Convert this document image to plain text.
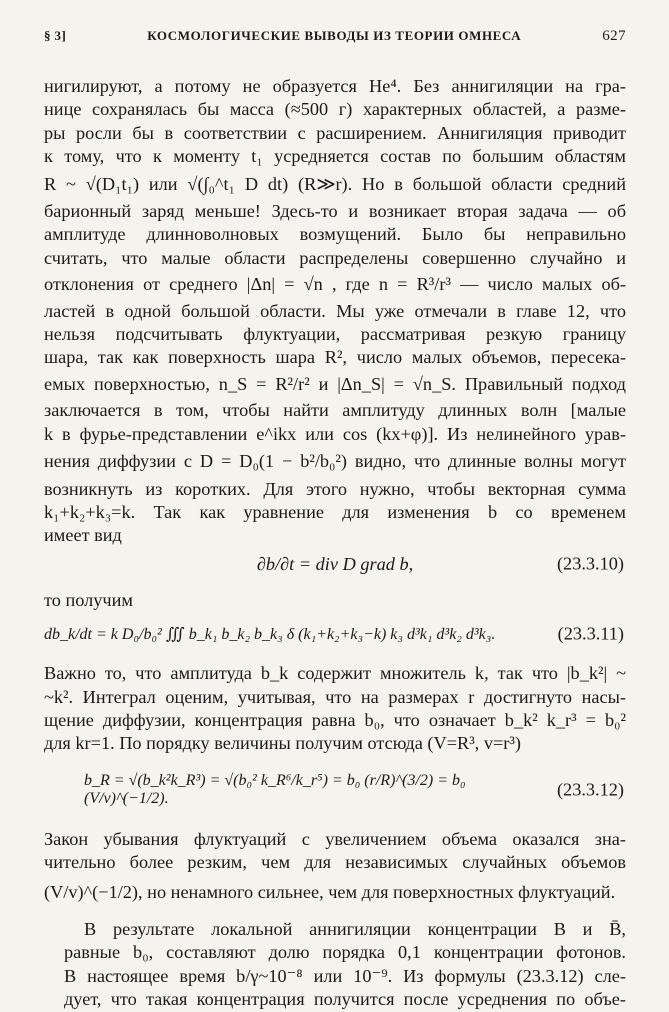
§ 3]	КОСМОЛОГИЧЕСКИЕ ВЫВОДЫ ИЗ ТЕОРИИ ОМНЕСА	627
нигилируют, а потому не образуется He⁴. Без аннигиляции на гра-
нице сохранялась бы масса (≈500 г) характерных областей, а разме-
ры росли бы в соответствии с расширением. Аннигиляция приводит
к тому, что к моменту t₁ усредняется состав по большим областям
R ~ √(D₁t₁) или √(∫₀^t₁ D dt) (R≫r). Но в большой области средний
барионный заряд меньше! Здесь-то и возникает вторая задача — об
амплитуде длинноволновых возмущений. Было бы неправильно
считать, что малые области распределены совершенно случайно и
отклонения от среднего |Δn| = √n , где n = R³/r³ — число малых об-
ластей в одной большой области. Мы уже отмечали в главе 12, что
нельзя подсчитывать флуктуации, рассматривая резкую границу
шара, так как поверхность шара R², число малых объемов, пересека-
емых поверхностью, n_S = R²/r² и |Δn_S| = √n_S. Правильный подход
заключается в том, чтобы найти амплитуду длинных волн [малые
k в фурье-представлении e^ikx или cos (kx+φ)]. Из нелинейного урав-
нения диффузии с D = D₀(1 − b²/b₀²) видно, что длинные волны могут
возникнуть из коротких. Для этого нужно, чтобы векторная сумма
k₁+k₂+k₃=k. Так как уравнение для изменения b со временем
имеет вид
∂b/∂t = div D grad b,	(23.3.10)
то получим
db_k/dt = k D₀/b₀² ∭ b_k₁ b_k₂ b_k₃ δ (k₁+k₂+k₃−k) k₃ d³k₁ d³k₂ d³k₃.	(23.3.11)
Важно то, что амплитуда b_k содержит множитель k, так что |b_k²| ~
~k². Интеграл оценим, учитывая, что на размерах r достигнуто насы-
щение диффузии, концентрация равна b₀, что означает b_k² k_r³ = b₀²
для kr=1. По порядку величины получим отсюда (V=R³, v=r³)
b_R = √(b_k²k_R³) = √(b₀² k_R⁶/k_r⁵) = b₀ (r/R)^(3/2) = b₀ (V/v)^(−1/2).	(23.3.12)
Закон убывания флуктуаций с увеличением объема оказался зна-
чительно более резким, чем для независимых случайных объемов
(V/v)^(−1/2), но ненамного сильнее, чем для поверхностных флуктуаций.
В результате локальной аннигиляции концентрации B и B̄,
равные b₀, составляют долю порядка 0,1 концентрации фотонов.
В настоящее время b/γ~10⁻⁸ или 10⁻⁹. Из формулы (23.3.12) сле-
дует, что такая концентрация получится после усреднения по объе-
